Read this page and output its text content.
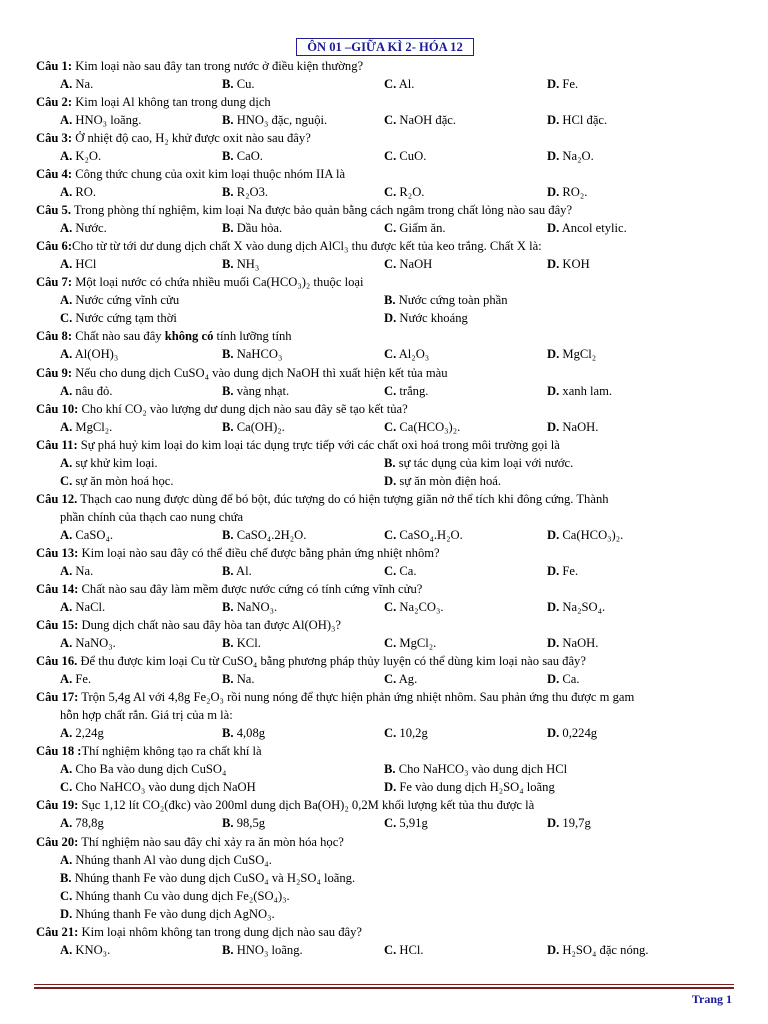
ÔN 01 –GIỮA KÌ 2- HÓA 12
Câu 1: Kim loại nào sau đây tan trong nước ở điều kiện thường?
A. Na.	B. Cu.	C. Al.	D. Fe.
Câu 2: Kim loại Al không tan trong dung dịch
A. HNO₃ loãng.	B. HNO₃ đặc, nguội.	C. NaOH đặc.	D. HCl đặc.
Câu 3: Ở nhiệt độ cao, H₂ khử được oxit nào sau đây?
A. K₂O.	B. CaO.	C. CuO.	D. Na₂O.
Câu 4: Công thức chung của oxit kim loại thuộc nhóm IIA là
A. RO.	B. R₂O3.	C. R₂O.	D. RO₂.
Câu 5. Trong phòng thí nghiệm, kim loại Na được bảo quản bằng cách ngâm trong chất lỏng nào sau đây?
A. Nước.	B. Dầu hỏa.	C. Giấm ăn.	D. Ancol etylic.
Câu 6:Cho từ từ tới dư dung dịch chất X vào dung dịch AlCl₃ thu được kết tủa keo trắng. Chất X là:
A. HCl	B. NH₃	C. NaOH	D. KOH
Câu 7: Một loại nước có chứa nhiều muối Ca(HCO₃)₂ thuộc loại
A. Nước cứng vĩnh cửu	B. Nước cứng toàn phần
C. Nước cứng tạm thời	D. Nước khoáng
Câu 8: Chất nào sau đây không có tính lưỡng tính
A. Al(OH)₃	B. NaHCO₃	C. Al₂O₃	D. MgCl₂
Câu 9: Nếu cho dung dịch CuSO₄ vào dung dịch NaOH thì xuất hiện kết tủa màu
A. nâu đỏ.	B. vàng nhạt.	C. trắng.	D. xanh lam.
Câu 10: Cho khí CO₂ vào lượng dư dung dịch nào sau đây sẽ tạo kết tủa?
A. MgCl₂.	B. Ca(OH)₂.	C. Ca(HCO₃)₂.	D. NaOH.
Câu 11: Sự phá huỷ kim loại do kim loại tác dụng trực tiếp với các chất oxi hoá trong môi trường gọi là
A. sự khử kim loại.	B. sự tác dụng của kim loại với nước.
C. sự ăn mòn hoá học.	D. sự ăn mòn điện hoá.
Câu 12. Thạch cao nung được dùng để bó bột, đúc tượng do có hiện tượng giãn nở thể tích khi đông cứng. Thành
phần chính của thạch cao nung chứa
A. CaSO₄.	B. CaSO₄.2H₂O.	C. CaSO₄.H₂O.	D. Ca(HCO₃)₂.
Câu 13: Kim loại nào sau đây có thể điều chế được bằng phản ứng nhiệt nhôm?
A. Na.	B. Al.	C. Ca.	D. Fe.
Câu 14: Chất nào sau đây làm mềm được nước cứng có tính cứng vĩnh cửu?
A. NaCl.	B. NaNO₃.	C. Na₂CO₃.	D. Na₂SO₄.
Câu 15: Dung dịch chất nào sau đây hòa tan được Al(OH)₃?
A. NaNO₃.	B. KCl.	C. MgCl₂.	D. NaOH.
Câu 16. Để thu được kim loại Cu từ CuSO₄ bằng phương pháp thủy luyện có thể dùng kim loại nào sau đây?
A. Fe.	B. Na.	C. Ag.	D. Ca.
Câu 17: Trộn 5,4g Al với 4,8g Fe₂O₃ rồi nung nóng để thực hiện phản ứng nhiệt nhôm. Sau phản ứng thu được m gam
hỗn hợp chất rắn. Giá trị của m là:
A. 2,24g	B. 4,08g	C. 10,2g	D. 0,224g
Câu 18 :Thí nghiệm không tạo ra chất khí là
A. Cho Ba vào dung dịch CuSO₄	B. Cho NaHCO₃ vào dung dịch HCl
C. Cho NaHCO₃ vào dung dịch NaOH	D. Fe vào dung dịch H₂SO₄ loãng
Câu 19: Sục 1,12 lít CO₂(đkc) vào 200ml dung dịch Ba(OH)₂ 0,2M khối lượng kết tủa thu được là
A. 78,8g	B. 98,5g	C. 5,91g	D. 19,7g
Câu 20: Thí nghiệm nào sau đây chỉ xảy ra ăn mòn hóa học?
A. Nhúng thanh Al vào dung dịch CuSO₄.
B. Nhúng thanh Fe vào dung dịch CuSO₄ và H₂SO₄ loãng.
C. Nhúng thanh Cu vào dung dịch Fe₂(SO₄)₃.
D. Nhúng thanh Fe vào dung dịch AgNO₃.
Câu 21: Kim loại nhôm không tan trong dung dịch nào sau đây?
A. KNO₃.	B. HNO₃ loãng.	C. HCl.	D. H₂SO₄ đặc nóng.
Trang 1
